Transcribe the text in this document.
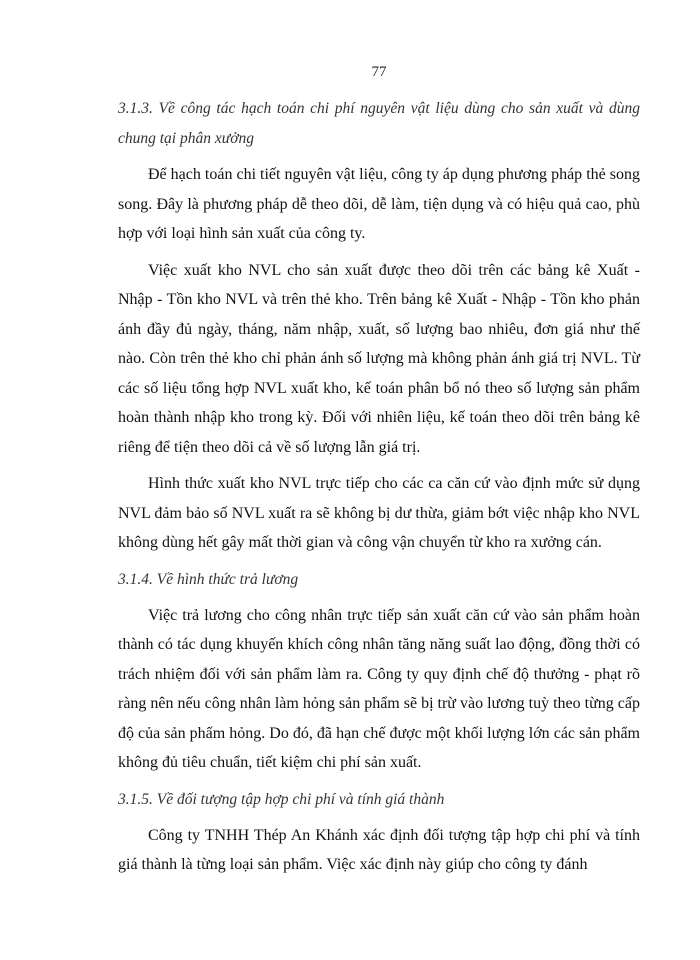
77

3.1.3. Về công tác hạch toán chi phí nguyên vật liệu dùng cho sản xuất và dùng chung tại phân xưởng

Để hạch toán chi tiết nguyên vật liệu, công ty áp dụng phương pháp thẻ song song. Đây là phương pháp dễ theo dõi, dễ làm, tiện dụng và có hiệu quả cao, phù hợp với loại hình sản xuất của công ty.

Việc xuất kho NVL cho sản xuất được theo dõi trên các bảng kê Xuất - Nhập - Tồn kho NVL và trên thẻ kho. Trên bảng kê Xuất - Nhập - Tồn kho phản ánh đầy đủ ngày, tháng, năm nhập, xuất, số lượng bao nhiêu, đơn giá như thế nào. Còn trên thẻ kho chỉ phản ánh số lượng mà không phản ánh giá trị NVL. Từ các số liệu tổng hợp NVL xuất kho, kế toán phân bổ nó theo số lượng sản phẩm hoàn thành nhập kho trong kỳ. Đối với nhiên liệu, kế toán theo dõi trên bảng kê riêng để tiện theo dõi cả về số lượng lẫn giá trị.

Hình thức xuất kho NVL trực tiếp cho các ca căn cứ vào định mức sử dụng NVL đảm bảo số NVL xuất ra sẽ không bị dư thừa, giảm bớt việc nhập kho NVL không dùng hết gây mất thời gian và công vận chuyển từ kho ra xưởng cán.

3.1.4. Về hình thức trả lương

Việc trả lương cho công nhân trực tiếp sản xuất căn cứ vào sản phẩm hoàn thành có tác dụng khuyến khích công nhân tăng năng suất lao động, đồng thời có trách nhiệm đối với sản phẩm làm ra. Công ty quy định chế độ thưởng - phạt rõ ràng nên nếu công nhân làm hỏng sản phẩm sẽ bị trừ vào lương tuỳ theo từng cấp độ của sản phẩm hỏng. Do đó, đã hạn chế được một khối lượng lớn các sản phẩm không đủ tiêu chuẩn, tiết kiệm chi phí sản xuất.

3.1.5. Về đối tượng tập hợp chi phí và tính giá thành

Công ty TNHH Thép An Khánh xác định đối tượng tập hợp chi phí và tính giá thành là từng loại sản phẩm. Việc xác định này giúp cho công ty đánh
